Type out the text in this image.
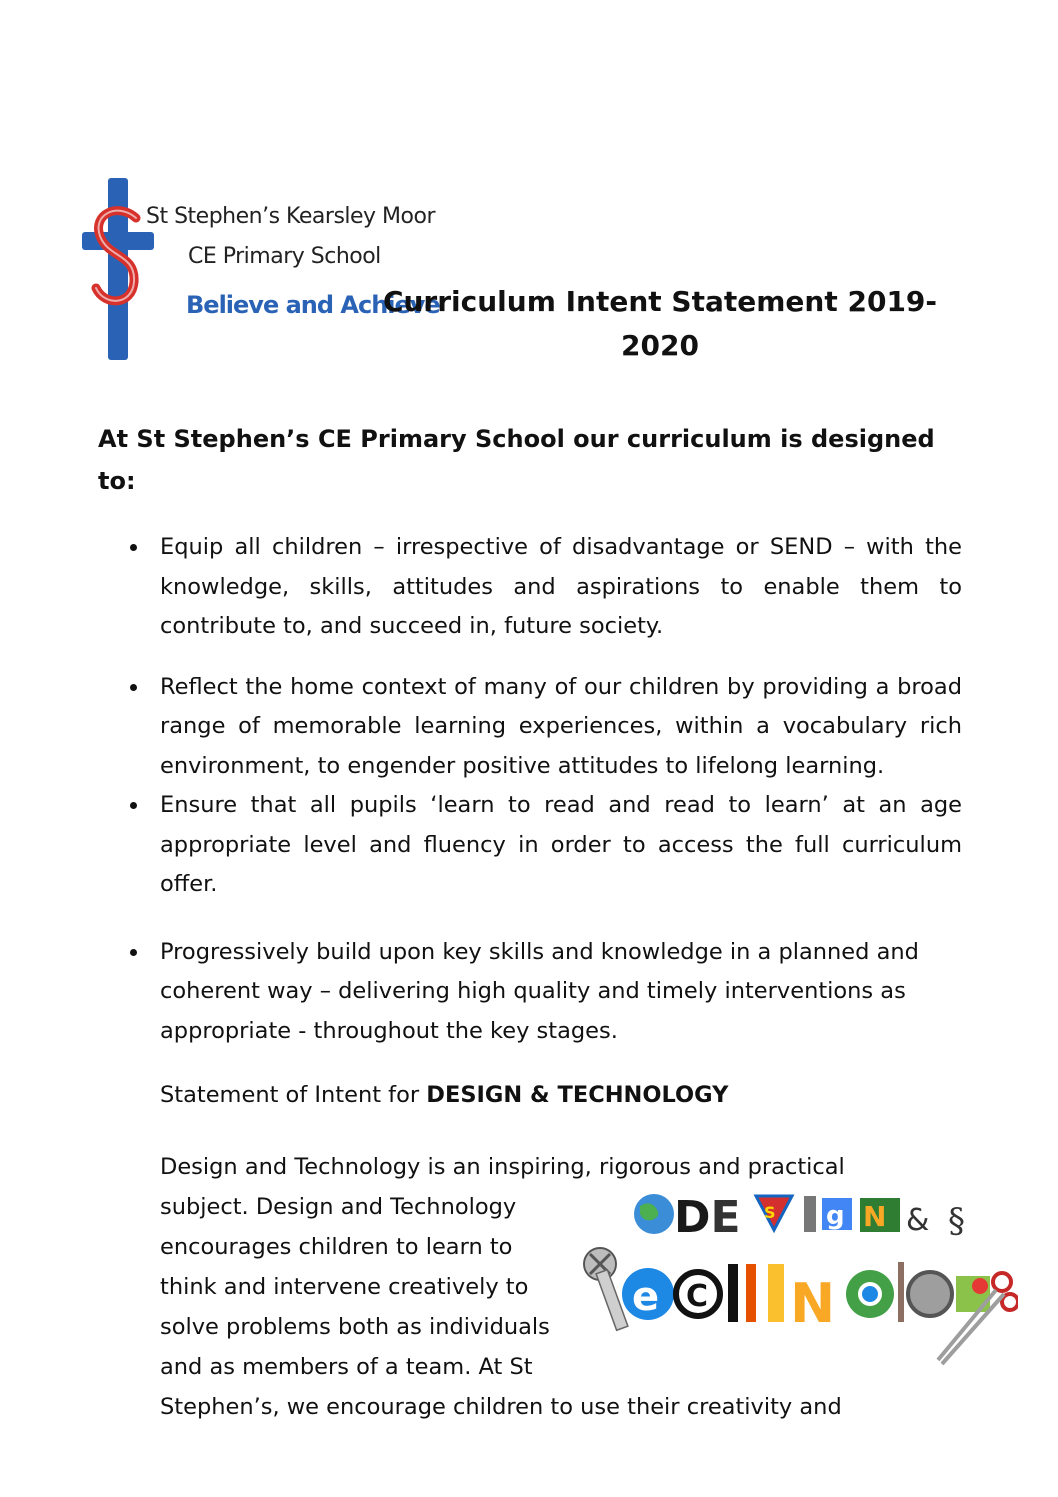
St Stephen’s Kearsley Moor
CE Primary School
Believe and Achieve
Curriculum Intent Statement 2019-
2020
At St Stephen’s CE Primary School our curriculum is designed
to:
Equip all children – irrespective of disadvantage or SEND – with the knowledge, skills, attitudes and aspirations to enable them to contribute to, and succeed in, future society.
Reflect the home context of many of our children by providing a broad range of memorable learning experiences, within a vocabulary rich environment, to engender positive attitudes to lifelong learning.
Ensure that all pupils ‘learn to read and read to learn’ at an age appropriate level and fluency in order to access the full curriculum offer.
Progressively build upon key skills and knowledge in a planned and coherent way – delivering high quality and timely interventions as appropriate - throughout the key stages.
Statement of Intent for DESIGN & TECHNOLOGY
Design and Technology is an inspiring, rigorous and practical
subject. Design and Technology
encourages children to learn to
think and intervene creatively to
solve problems both as individuals
and as members of a team. At St
Stephen’s, we encourage children to use their creativity and
DE S g N & §
e C N
